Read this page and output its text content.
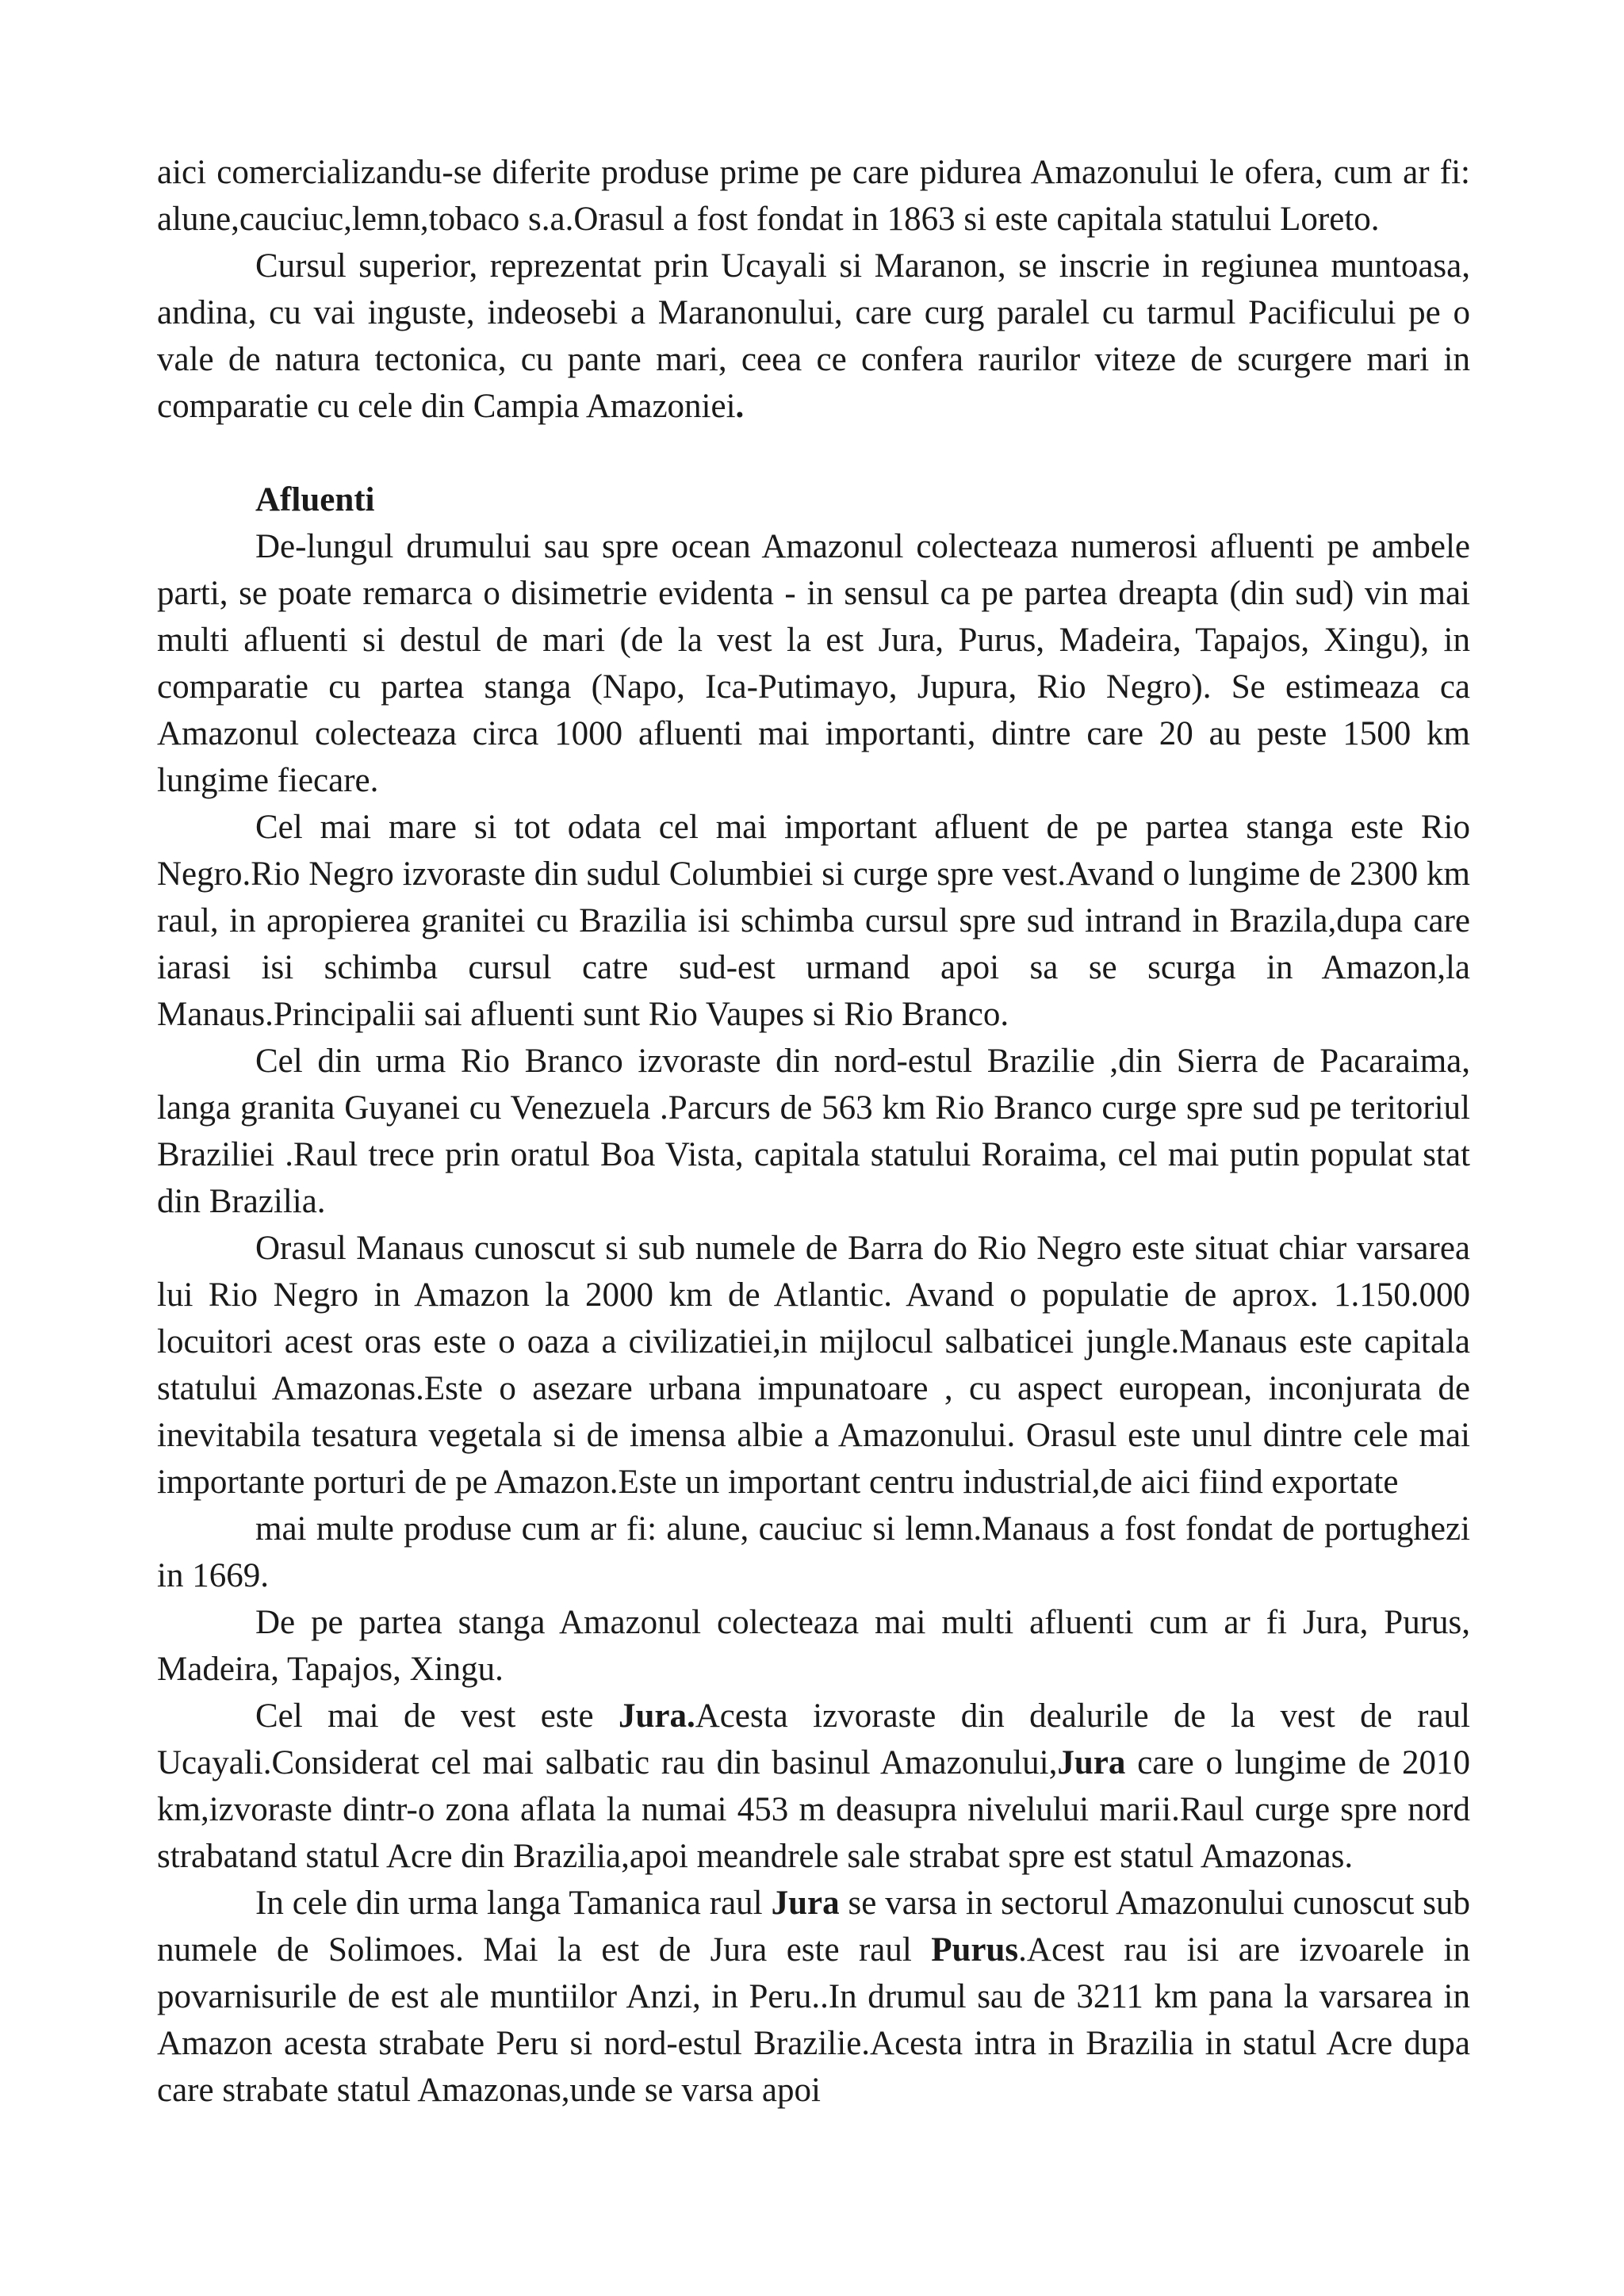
aici comercializandu-se diferite produse prime pe care pidurea Amazonului le ofera, cum ar fi: alune,cauciuc,lemn,tobaco s.a.Orasul a fost fondat in 1863 si este capitala statului Loreto.

Cursul superior, reprezentat prin Ucayali si Maranon, se inscrie in regiunea muntoasa, andina, cu vai inguste, indeosebi a Maranonului, care curg paralel cu tarmul Pacificului pe o vale de natura tectonica, cu pante mari, ceea ce confera raurilor viteze de scurgere mari in comparatie cu cele din Campia Amazoniei.

Afluenti

De-lungul drumului sau spre ocean Amazonul colecteaza numerosi afluenti pe ambele parti, se poate remarca o disimetrie evidenta - in sensul ca pe partea dreapta (din sud) vin mai multi afluenti si destul de mari (de la vest la est Jura, Purus, Madeira, Tapajos, Xingu), in comparatie cu partea stanga (Napo, Ica-Putimayo, Jupura, Rio Negro). Se estimeaza ca Amazonul colecteaza circa 1000 afluenti mai importanti, dintre care 20 au peste 1500 km lungime fiecare.

Cel mai mare si tot odata cel mai important afluent de pe partea stanga este Rio Negro.Rio Negro izvoraste din sudul Columbiei si curge spre vest.Avand o lungime de 2300 km raul, in apropierea granitei cu Brazilia isi schimba cursul spre sud intrand in Brazila,dupa care iarasi isi schimba cursul catre sud-est urmand apoi sa se scurga in Amazon,la Manaus.Principalii sai afluenti sunt Rio Vaupes si Rio Branco.

Cel din urma Rio Branco izvoraste din nord-estul Brazilie ,din Sierra de Pacaraima, langa granita Guyanei cu Venezuela .Parcurs de 563 km Rio Branco curge spre sud pe teritoriul Braziliei .Raul trece prin oratul Boa Vista, capitala statului Roraima, cel mai putin populat stat din Brazilia.

Orasul Manaus cunoscut si sub numele de Barra do Rio Negro este situat chiar varsarea lui Rio Negro in Amazon la 2000 km de Atlantic. Avand o populatie de aprox. 1.150.000 locuitori acest oras este o oaza a civilizatiei,in mijlocul salbaticei jungle.Manaus este capitala statului Amazonas.Este o asezare urbana impunatoare , cu aspect european, inconjurata de inevitabila tesatura vegetala si de imensa albie a Amazonului. Orasul este unul dintre cele mai importante porturi de pe Amazon.Este un important centru industrial,de aici fiind exportate

mai multe produse cum ar fi: alune, cauciuc si lemn.Manaus a fost fondat de portughezi in 1669.

De pe partea stanga Amazonul colecteaza mai multi afluenti cum ar fi Jura, Purus, Madeira, Tapajos, Xingu.

Cel mai de vest este Jura.Acesta izvoraste din dealurile de la vest de raul Ucayali.Considerat cel mai salbatic rau din basinul Amazonului,Jura care o lungime de 2010 km,izvoraste dintr-o zona aflata la numai 453 m deasupra nivelului marii.Raul curge spre nord strabatand statul Acre din Brazilia,apoi meandrele sale strabat spre est statul Amazonas.

In cele din urma langa Tamanica raul Jura se varsa in sectorul Amazonului cunoscut sub numele de Solimoes. Mai la est de Jura este raul Purus.Acest rau isi are izvoarele in povarnisurile de est ale muntiilor Anzi, in Peru..In drumul sau de 3211 km pana la varsarea in Amazon acesta strabate Peru si nord-estul Brazilie.Acesta intra in Brazilia in statul Acre dupa care strabate statul Amazonas,unde se varsa apoi
